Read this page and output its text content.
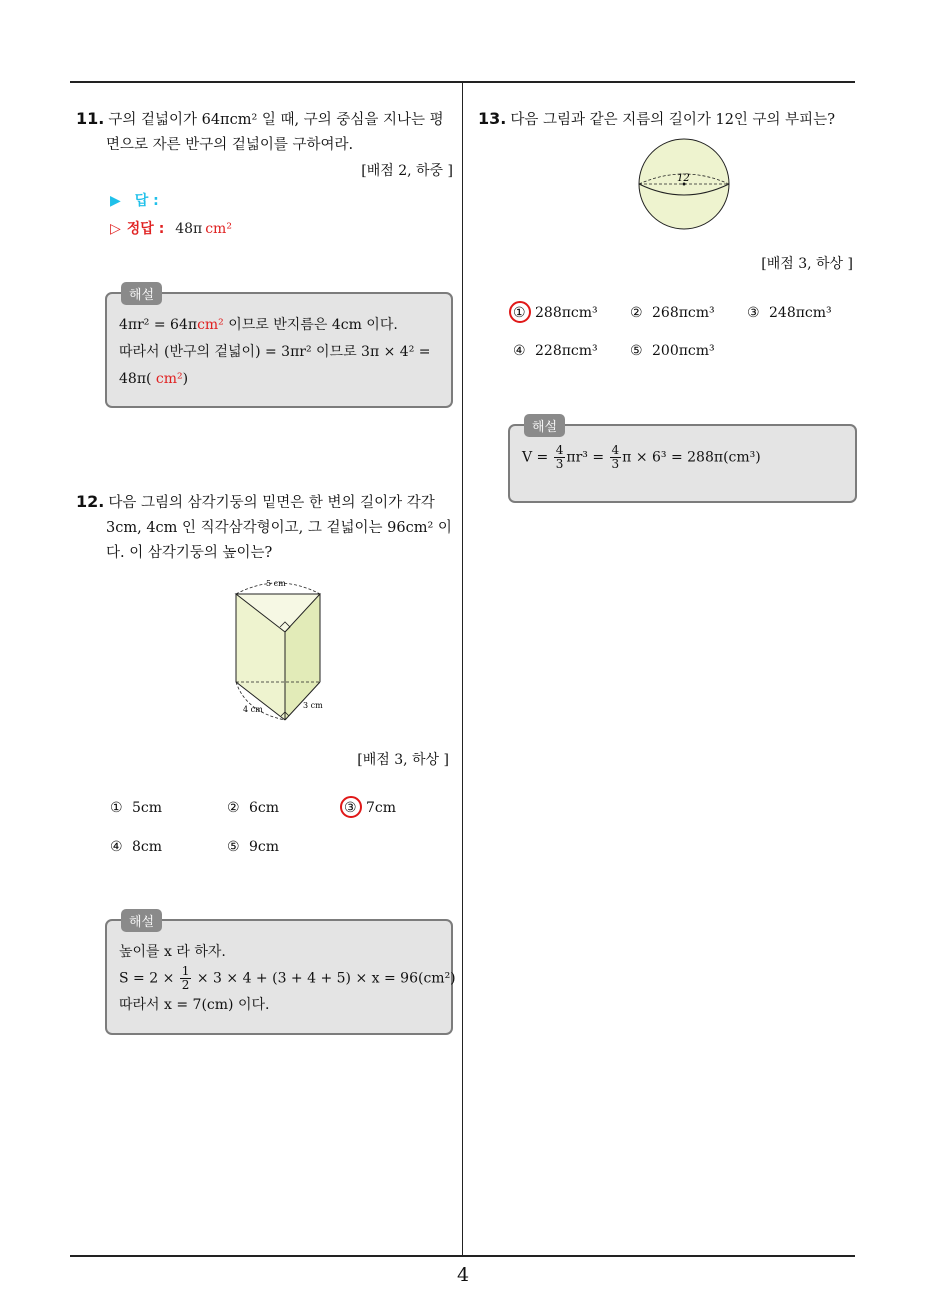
11. 구의 겉넓이가 64πcm² 일 때, 구의 중심을 지나는 평
면으로 자른 반구의 겉넓이를 구하여라.
[배점 2, 하중 ]
▶ 답 :
▷ 정답 : 48π cm²
해설
4πr² = 64πcm² 이므로 반지름은 4cm 이다.
따라서 (반구의 겉넓이) = 3πr² 이므로 3π × 4² =
48π( cm²)
12. 다음 그림의 삼각기둥의 밑면은 한 변의 길이가 각각
3cm, 4cm 인 직각삼각형이고, 그 겉넓이는 96cm² 이
다. 이 삼각기둥의 높이는?
5 cm
4 cm	3 cm
[배점 3, 하상 ]
① 5cm	② 6cm	③ 7cm
④ 8cm	⑤ 9cm
해설
높이를 x 라 하자.
$S = 2 \times \frac{1}{2} \times 3 \times 4 + (3 + 4 + 5) \times x = 96(cm^2)$
따라서 x = 7(cm) 이다.
13. 다음 그림과 같은 지름의 길이가 12인 구의 부피는?
12
[배점 3, 하상 ]
① 288πcm³ ② 268πcm³ ③ 248πcm³
④ 228πcm³ ⑤ 200πcm³
해설
$V = \frac{4}{3} \pi r^3 = \frac{4}{3}$ π × 6³ = 288π(cm³)
4
